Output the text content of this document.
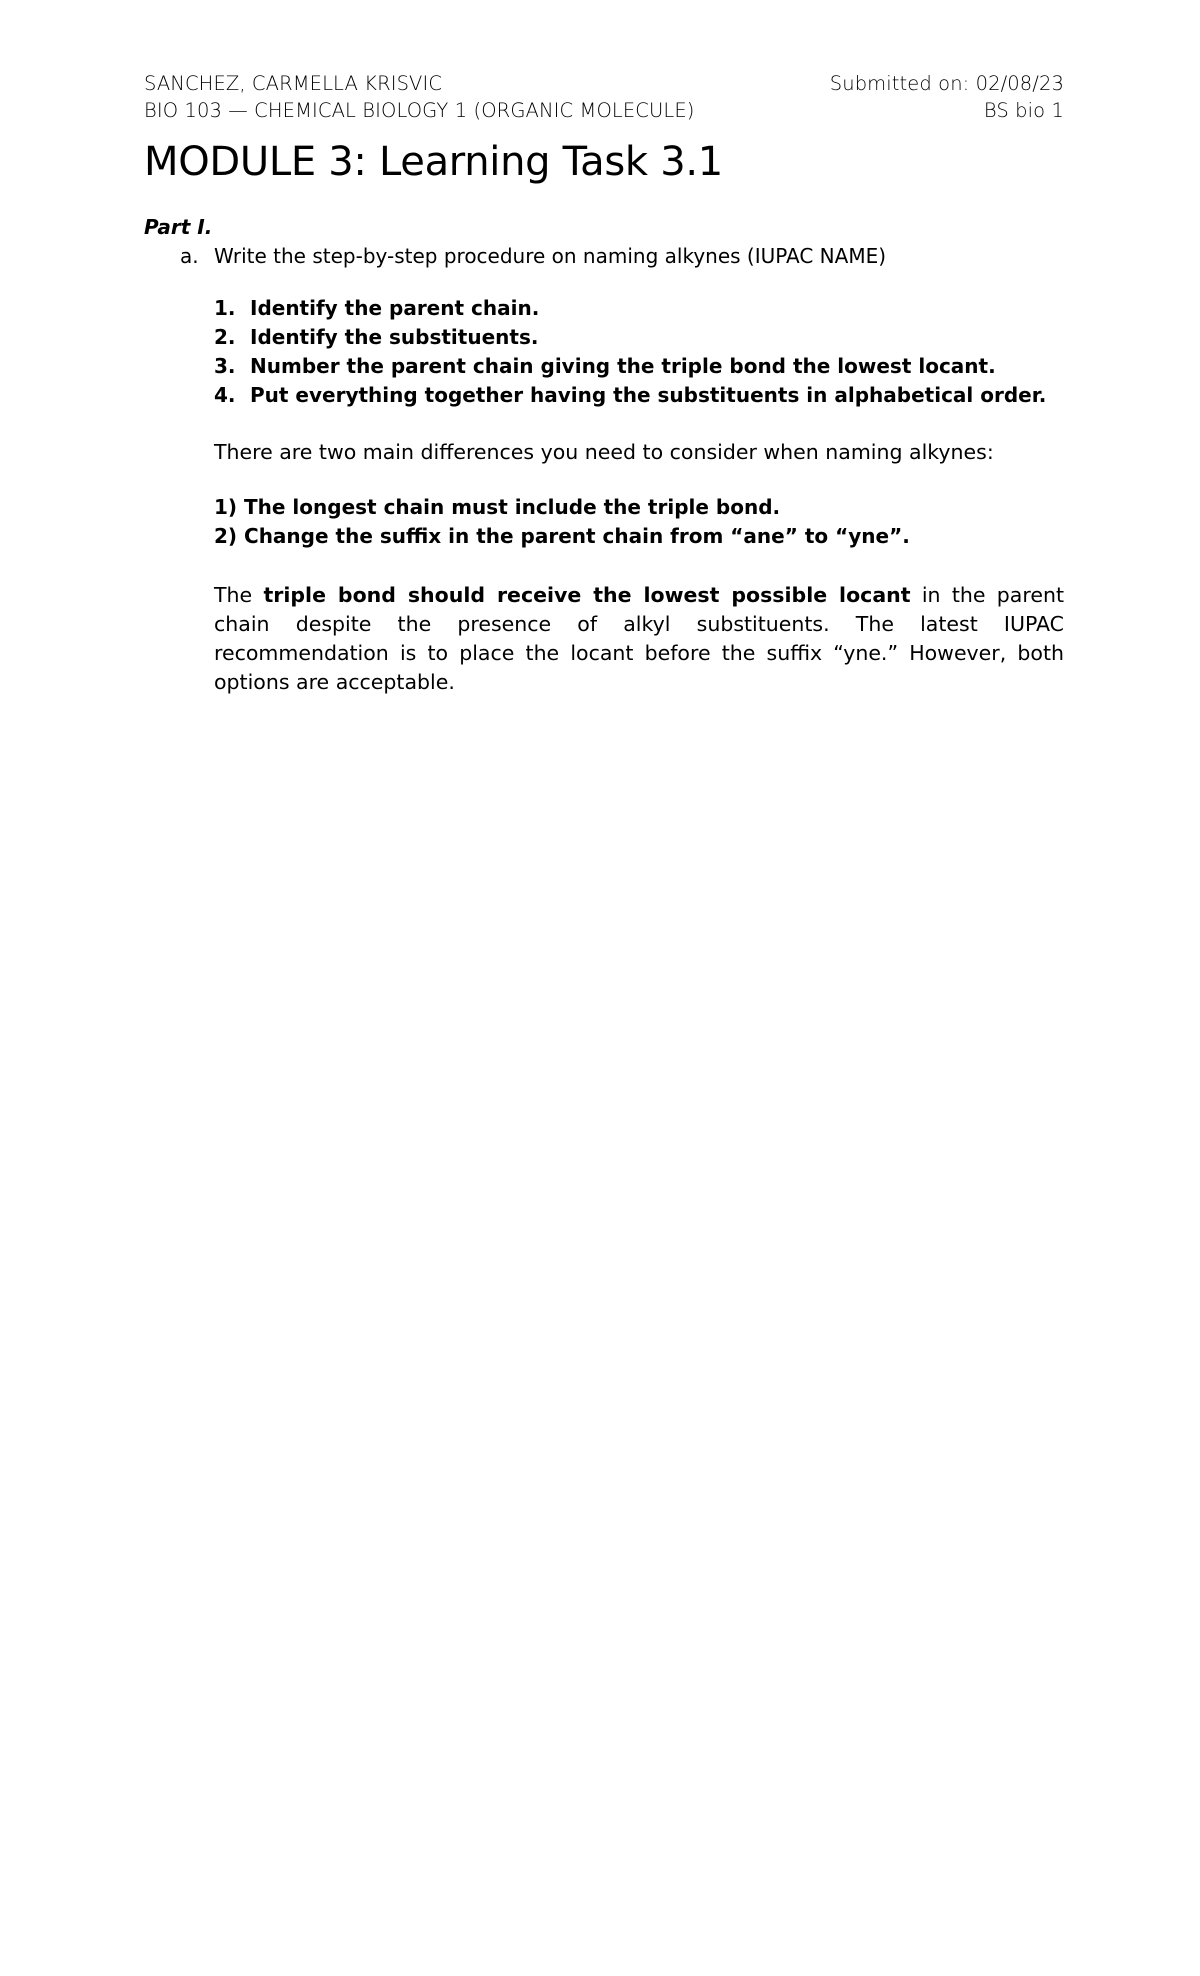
SANCHEZ, CARMELLA KRISVIC	Submitted on: 02/08/23
BIO 103 — CHEMICAL BIOLOGY 1 (ORGANIC MOLECULE)	BS bio 1
MODULE 3: Learning Task 3.1
Part I.
a. Write the step-by-step procedure on naming alkynes (IUPAC NAME)
1. Identify the parent chain.
2. Identify the substituents.
3. Number the parent chain giving the triple bond the lowest locant.
4. Put everything together having the substituents in alphabetical order.
There are two main differences you need to consider when naming alkynes:
1) The longest chain must include the triple bond.
2) Change the suffix in the parent chain from “ane” to “yne”.
The triple bond should receive the lowest possible locant in the parent chain despite the presence of alkyl substituents. The latest IUPAC recommendation is to place the locant before the suffix “yne.” However, both options are acceptable.
